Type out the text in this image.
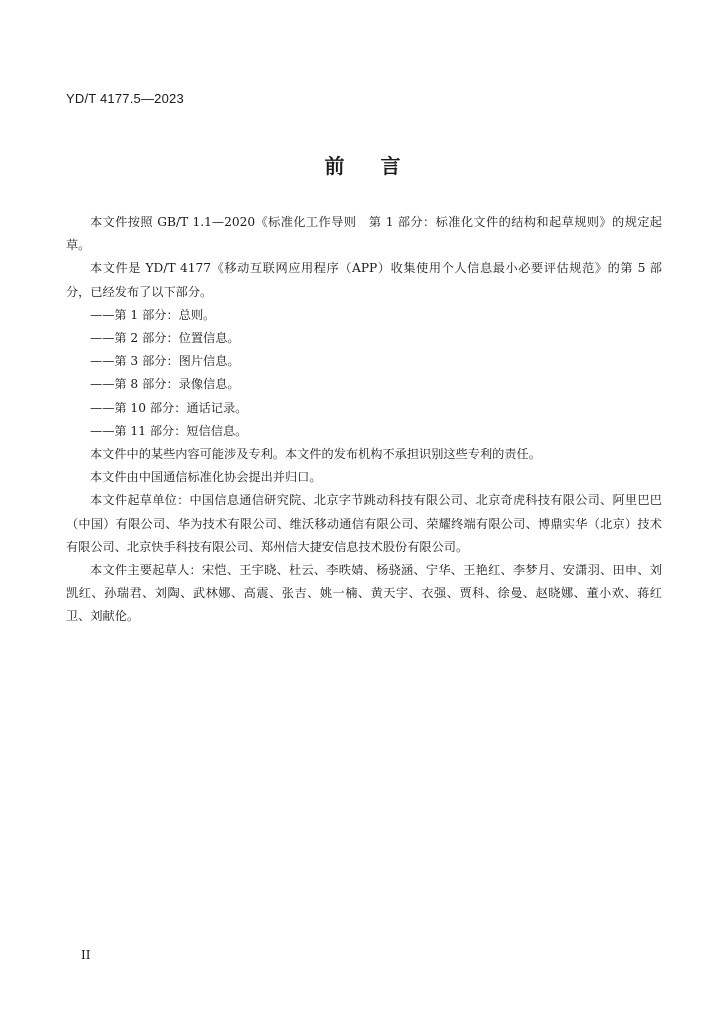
YD/T 4177.5—2023
前 言

本文件按照 GB/T 1.1—2020《标准化工作导则　第 1 部分：标准化文件的结构和起草规则》的规定起草。

本文件是 YD/T 4177《移动互联网应用程序（APP）收集使用个人信息最小必要评估规范》的第 5 部分，已经发布了以下部分。

——第 1 部分：总则。

——第 2 部分：位置信息。

——第 3 部分：图片信息。

——第 8 部分：录像信息。

——第 10 部分：通话记录。

——第 11 部分：短信信息。

本文件中的某些内容可能涉及专利。本文件的发布机构不承担识别这些专利的责任。

本文件由中国通信标准化协会提出并归口。

本文件起草单位：中国信息通信研究院、北京字节跳动科技有限公司、北京奇虎科技有限公司、阿里巴巴（中国）有限公司、华为技术有限公司、维沃移动通信有限公司、荣耀终端有限公司、博鼎实华（北京）技术有限公司、北京快手科技有限公司、郑州信大捷安信息技术股份有限公司。

本文件主要起草人：宋恺、王宇晓、杜云、李昳婧、杨骁涵、宁华、王艳红、李梦月、安潇羽、田申、刘凯红、孙瑞君、刘陶、武林娜、高震、张吉、姚一楠、黄天宇、衣强、贾科、徐曼、赵晓娜、董小欢、蒋红卫、刘献伦。

II
